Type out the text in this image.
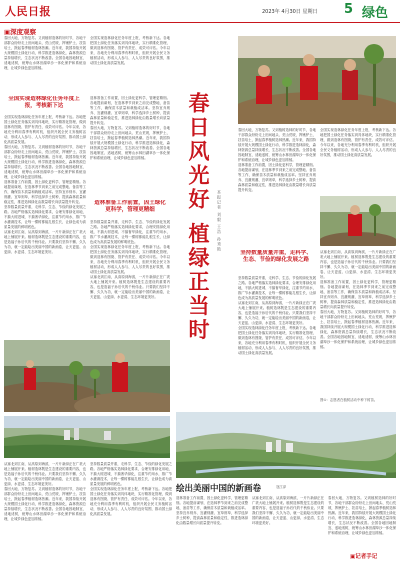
人民日报	2023年 4月30日 星期日 5 绿色
▣深度观察
春回大地，万物复苏。又到植树造林的好时节，各地干部群众纷纷走上田间地头、荒山荒坡，挥锹铲土、扶苗培土，掀起春季植树造林热潮。近年来，我国持续开展大规模国土绿化行动，科学推进造林绿化，森林资源总量持续增长，生态状况不断改善。全国各地因地制宜、适地适树，统筹山水林田湖草沙一体化保护和系统治理，让城乡绿色更加浓郁。
全国实现造林绿化任务年度上报，考核新下达。各地把国土绿化任务落实到具体地块，实行精准化管理，做到造林有图斑、管护有责任、成效可评估。今年以来，各地充分利用春季有利时机，组织开展全民义务植树活动，形成人人参与、人人尽责的良好氛围，推动国土绿化高质量发展。
全国实现造林绿化任务年度上报，考核新下达
全国实现造林绿化任务年度上报，考核新下达。各地把国土绿化任务落实到具体地块，实行精准化管理，做到造林有图斑、管护有责任、成效可评估。今年以来，各地充分利用春季有利时机，组织开展全民义务植树活动，形成人人参与、人人尽责的良好氛围，推动国土绿化高质量发展。
春回大地，万物复苏。又到植树造林的好时节，各地干部群众纷纷走上田间地头、荒山荒坡，挥锹铲土、扶苗培土，掀起春季植树造林热潮。近年来，我国持续开展大规模国土绿化行动，科学推进造林绿化，森林资源总量持续增长，生态状况不断改善。全国各地因地制宜、适地适树，统筹山水林田湖草沙一体化保护和系统治理，让城乡绿色更加浓郁。
造林准备工作前置，因土绿化更科学，管理更精细。各地提前谋划，在造林季节到来之前完成整地、备苗等工作，确保苗木质量和栽植成活率。坚持宜乔则乔、宜灌则灌、宜草则草，科学选择乡土树种，提高森林质量和稳定性，推进造林绿化由数量增长向质量提升转变。
坚持数量质量并重，走科学、生态、节俭的绿化发展之路。各地严格落实造林绿化要求，合理安排绿化用地，不搞大树进城、不搞奢华绿化，注重节约用水，推广节水灌溉技术，让每一棵树都能扎根生长，让绿色成为高质量发展的鲜明底色。
从塞北到江南，从高原到海滨，一片片新绿正在广袤大地上铺展开来。植树造林既是生态建设的重要内容，也是造福子孙后代的千秋伟业。只要我们坚持不懈、久久为功，就一定能绘出美丽中国的新画卷，让天更蓝、山更绿、水更清、生态环境更美好。
造林准备工作前置，因土绿化更科学，管理更精细。各地提前谋划，在造林季节到来之前完成整地、备苗等工作，确保苗木质量和栽植成活率。坚持宜乔则乔、宜灌则灌、宜草则草，科学选择乡土树种，提高森林质量和稳定性，推进造林绿化由数量增长向质量提升转变。
春回大地，万物复苏。又到植树造林的好时节，各地干部群众纷纷走上田间地头、荒山荒坡，挥锹铲土、扶苗培土，掀起春季植树造林热潮。近年来，我国持续开展大规模国土绿化行动，科学推进造林绿化，森林资源总量持续增长，生态状况不断改善。全国各地因地制宜、适地适树，统筹山水林田湖草沙一体化保护和系统治理，让城乡绿色更加浓郁。
造林准备工作前置，因土绿化更科学，管理更精细
坚持数量质量并重，走科学、生态、节俭的绿化发展之路。各地严格落实造林绿化要求，合理安排绿化用地，不搞大树进城、不搞奢华绿化，注重节约用水，推广节水灌溉技术，让每一棵树都能扎根生长，让绿色成为高质量发展的鲜明底色。
全国实现造林绿化任务年度上报，考核新下达。各地把国土绿化任务落实到具体地块，实行精准化管理，做到造林有图斑、管护有责任、成效可评估。今年以来，各地充分利用春季有利时机，组织开展全民义务植树活动，形成人人参与、人人尽责的良好氛围，推动国土绿化高质量发展。
从塞北到江南，从高原到海滨，一片片新绿正在广袤大地上铺展开来。植树造林既是生态建设的重要内容，也是造福子孙后代的千秋伟业。只要我们坚持不懈、久久为功，就一定能绘出美丽中国的新画卷，让天更蓝、山更绿、水更清、生态环境更美好。	春日风光好 植绿正当时 本报记者 刘毅 王浩 孙秀艳
春回大地，万物复苏。又到植树造林的好时节，各地干部群众纷纷走上田间地头、荒山荒坡，挥锹铲土、扶苗培土，掀起春季植树造林热潮。近年来，我国持续开展大规模国土绿化行动，科学推进造林绿化，森林资源总量持续增长，生态状况不断改善。全国各地因地制宜、适地适树，统筹山水林田湖草沙一体化保护和系统治理，让城乡绿色更加浓郁。
造林准备工作前置，因土绿化更科学，管理更精细。各地提前谋划，在造林季节到来之前完成整地、备苗等工作，确保苗木质量和栽植成活率。坚持宜乔则乔、宜灌则灌、宜草则草，科学选择乡土树种，提高森林质量和稳定性，推进造林绿化由数量增长向质量提升转变。
全国实现造林绿化任务年度上报，考核新下达。各地把国土绿化任务落实到具体地块，实行精准化管理，做到造林有图斑、管护有责任、成效可评估。今年以来，各地充分利用春季有利时机，组织开展全民义务植树活动，形成人人参与、人人尽责的良好氛围，推动国土绿化高质量发展。
坚持数量质量并重，走科学、生态、节俭的绿化发展之路
坚持数量质量并重，走科学、生态、节俭的绿化发展之路。各地严格落实造林绿化要求，合理安排绿化用地，不搞大树进城、不搞奢华绿化，注重节约用水，推广节水灌溉技术，让每一棵树都能扎根生长，让绿色成为高质量发展的鲜明底色。
从塞北到江南，从高原到海滨，一片片新绿正在广袤大地上铺展开来。植树造林既是生态建设的重要内容，也是造福子孙后代的千秋伟业。只要我们坚持不懈、久久为功，就一定能绘出美丽中国的新画卷，让天更蓝、山更绿、水更清、生态环境更美好。
全国实现造林绿化任务年度上报，考核新下达。各地把国土绿化任务落实到具体地块，实行精准化管理，做到造林有图斑、管护有责任、成效可评估。今年以来，各地充分利用春季有利时机，组织开展全民义务植树活动，形成人人参与、人人尽责的良好氛围，推动国土绿化高质量发展。
从塞北到江南，从高原到海滨，一片片新绿正在广袤大地上铺展开来。植树造林既是生态建设的重要内容，也是造福子孙后代的千秋伟业。只要我们坚持不懈、久久为功，就一定能绘出美丽中国的新画卷，让天更蓝、山更绿、水更清、生态环境更美好。
造林准备工作前置，因土绿化更科学，管理更精细。各地提前谋划，在造林季节到来之前完成整地、备苗等工作，确保苗木质量和栽植成活率。坚持宜乔则乔、宜灌则灌、宜草则草，科学选择乡土树种，提高森林质量和稳定性，推进造林绿化由数量增长向质量提升转变。
春回大地，万物复苏。又到植树造林的好时节，各地干部群众纷纷走上田间地头、荒山荒坡，挥锹铲土、扶苗培土，掀起春季植树造林热潮。近年来，我国持续开展大规模国土绿化行动，科学推进造林绿化，森林资源总量持续增长，生态状况不断改善。全国各地因地制宜、适地适树，统筹山水林田湖草沙一体化保护和系统治理，让城乡绿色更加浓郁。
图①：志愿者在植树活动中种下树苗。
绘出美丽中国的新画卷	寇江泽
从塞北到江南，从高原到海滨，一片片新绿正在广袤大地上铺展开来。植树造林既是生态建设的重要内容，也是造福子孙后代的千秋伟业。只要我们坚持不懈、久久为功，就一定能绘出美丽中国的新画卷，让天更蓝、山更绿、水更清、生态环境更美好。
春回大地，万物复苏。又到植树造林的好时节，各地干部群众纷纷走上田间地头、荒山荒坡，挥锹铲土、扶苗培土，掀起春季植树造林热潮。近年来，我国持续开展大规模国土绿化行动，科学推进造林绿化，森林资源总量持续增长，生态状况不断改善。全国各地因地制宜、适地适树，统筹山水林田湖草沙一体化保护和系统治理，让城乡绿色更加浓郁。
坚持数量质量并重，走科学、生态、节俭的绿化发展之路。各地严格落实造林绿化要求，合理安排绿化用地，不搞大树进城、不搞奢华绿化，注重节约用水，推广节水灌溉技术，让每一棵树都能扎根生长，让绿色成为高质量发展的鲜明底色。
全国实现造林绿化任务年度上报，考核新下达。各地把国土绿化任务落实到具体地块，实行精准化管理，做到造林有图斑、管护有责任、成效可评估。今年以来，各地充分利用春季有利时机，组织开展全民义务植树活动，形成人人参与、人人尽责的良好氛围，推动国土绿化高质量发展。
造林准备工作前置，因土绿化更科学，管理更精细。各地提前谋划，在造林季节到来之前完成整地、备苗等工作，确保苗木质量和栽植成活率。坚持宜乔则乔、宜灌则灌、宜草则草，科学选择乡土树种，提高森林质量和稳定性，推进造林绿化由数量增长向质量提升转变。
从塞北到江南，从高原到海滨，一片片新绿正在广袤大地上铺展开来。植树造林既是生态建设的重要内容，也是造福子孙后代的千秋伟业。只要我们坚持不懈、久久为功，就一定能绘出美丽中国的新画卷，让天更蓝、山更绿、水更清、生态环境更美好。
春回大地，万物复苏。又到植树造林的好时节，各地干部群众纷纷走上田间地头、荒山荒坡，挥锹铲土、扶苗培土，掀起春季植树造林热潮。近年来，我国持续开展大规模国土绿化行动，科学推进造林绿化，森林资源总量持续增长，生态状况不断改善。全国各地因地制宜、适地适树，统筹山水林田湖草沙一体化保护和系统治理，让城乡绿色更加浓郁。
▣记者手记
